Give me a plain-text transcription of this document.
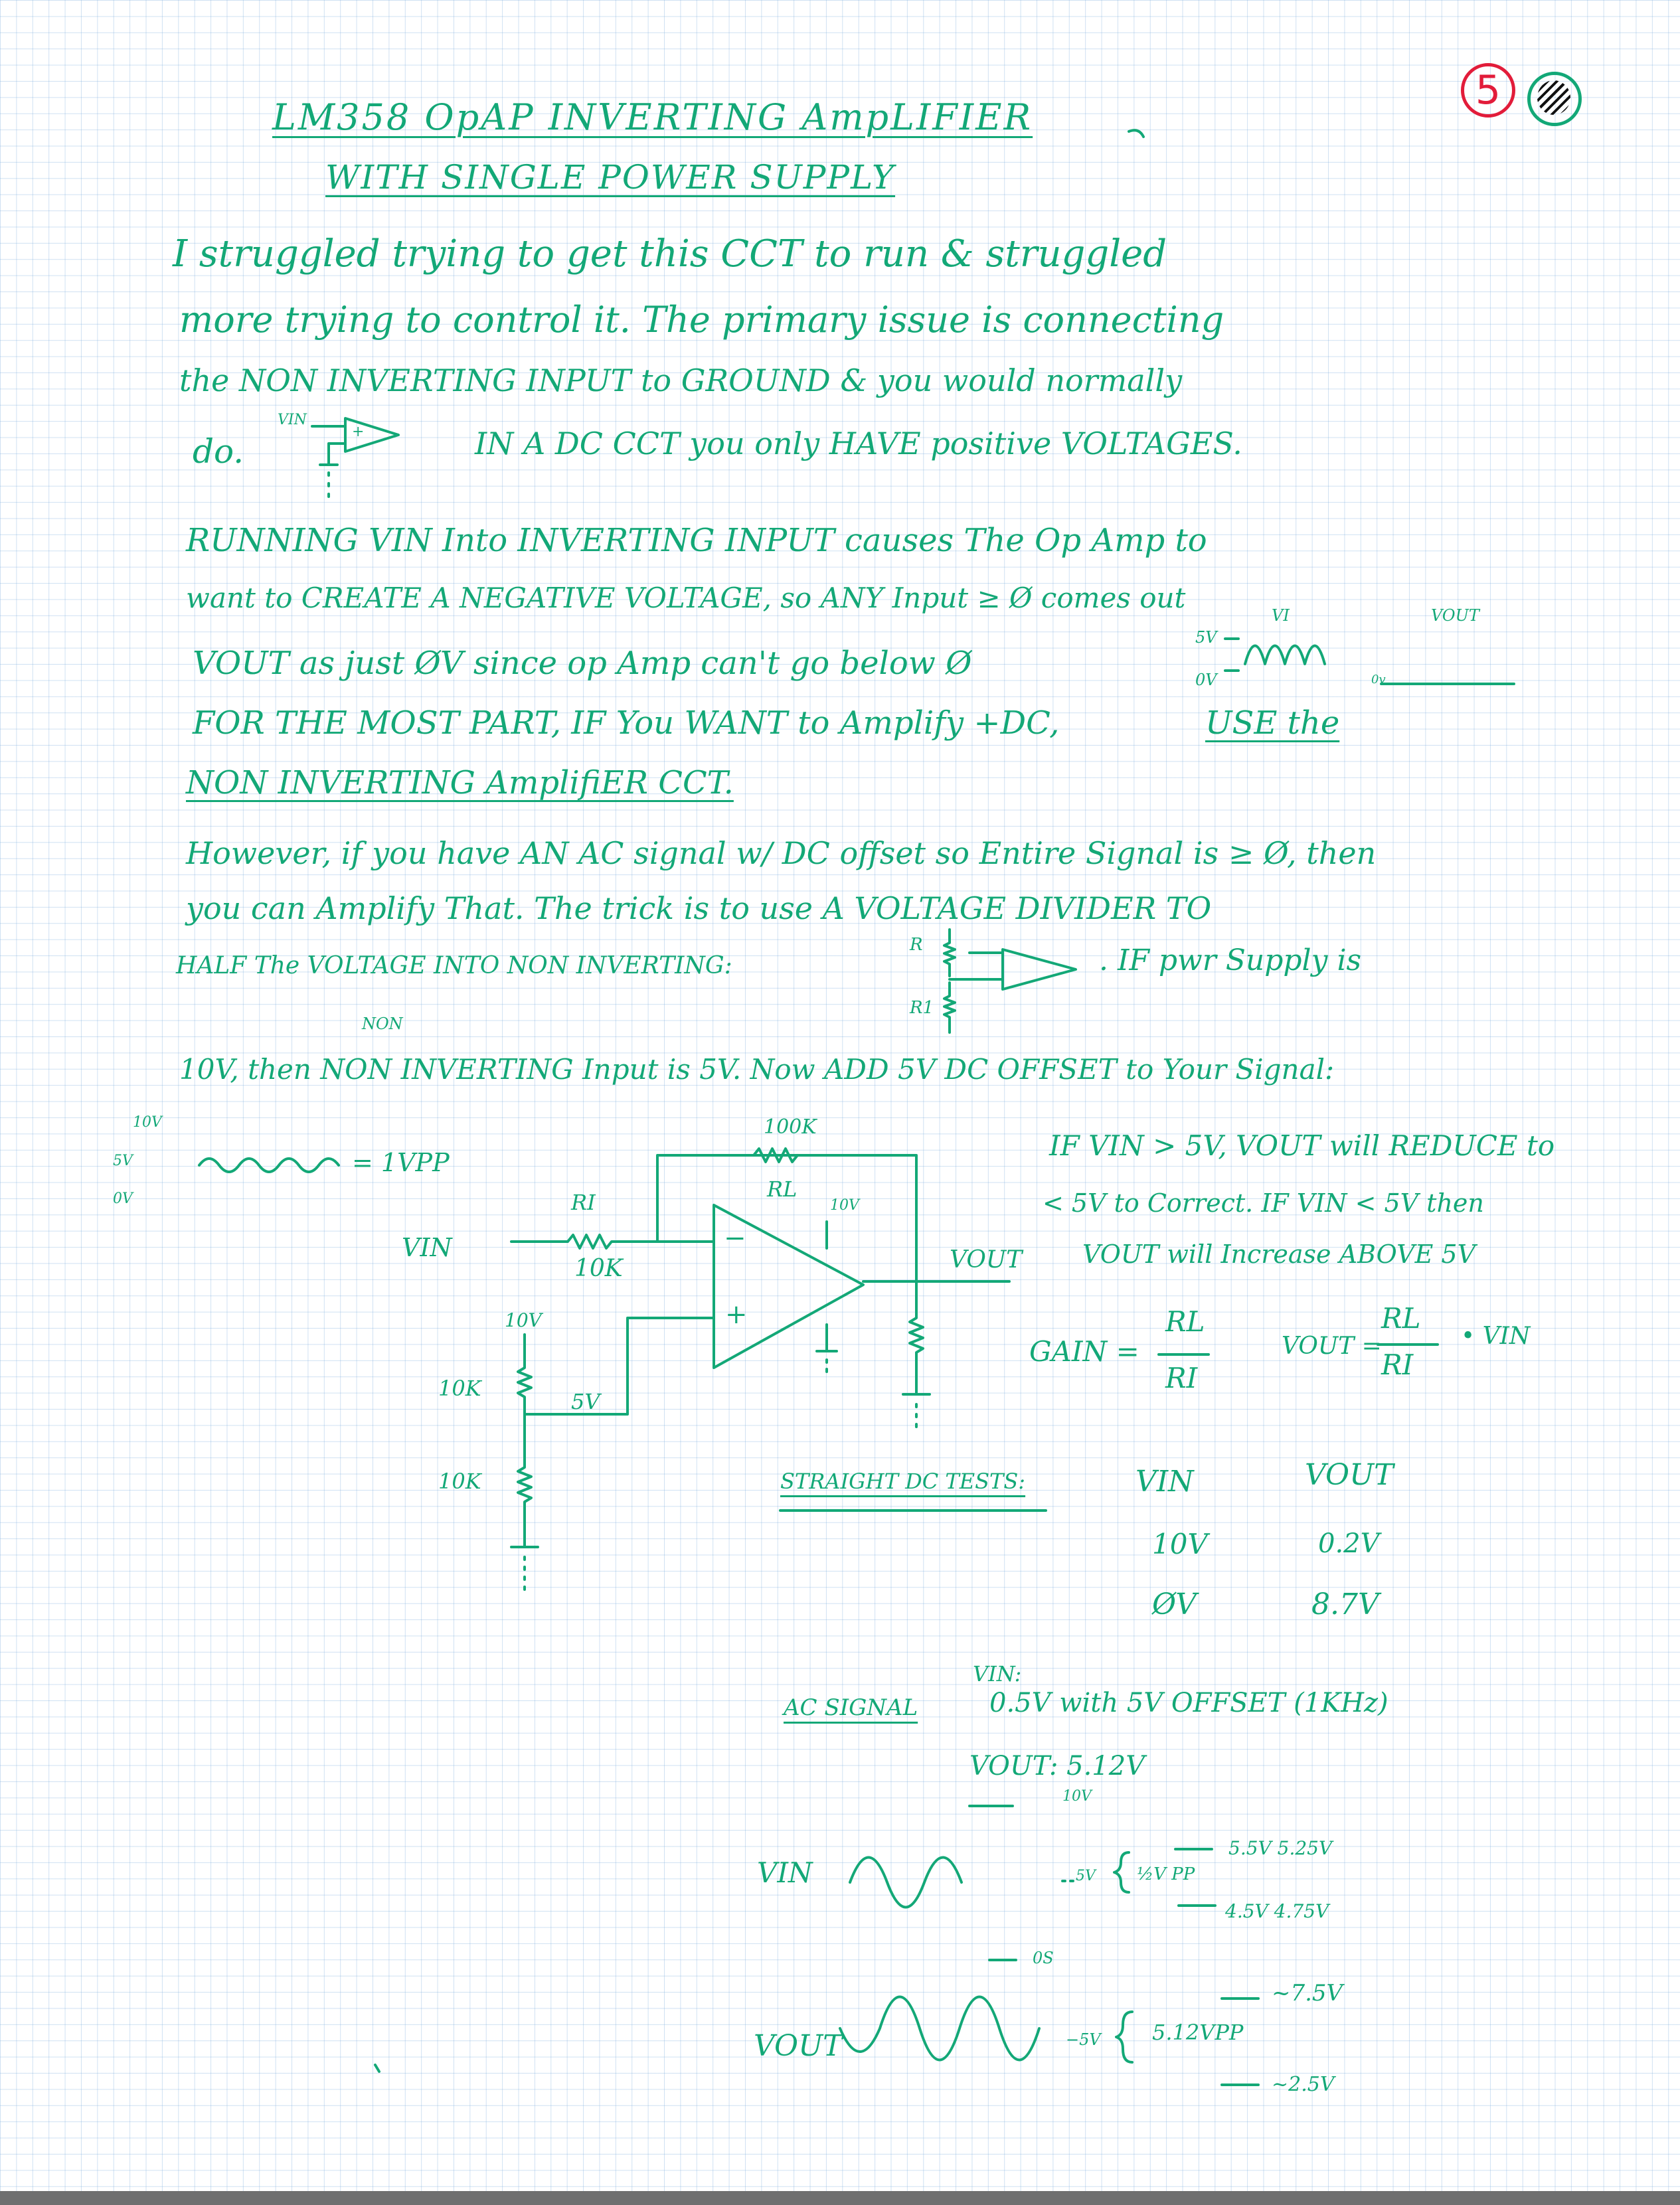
5

LM358 OpAP INVERTING AmpLIFIER

WITH SINGLE POWER SUPPLY

I struggled trying to get this CCT to run & struggled

more trying to control it. The primary issue is connecting

the NON INVERTING INPUT to GROUND & you would normally

do.	IN A DC CCT you only HAVE positive VOLTAGES.

VIN

+

RUNNING VIN Into INVERTING INPUT causes The Op Amp to

want to CREATE A NEGATIVE VOLTAGE, so ANY Input ≥ Ø comes out

VOUT as just ØV since op Amp can't go below Ø

FOR THE MOST PART, IF You WANT to Amplify +DC,	USE the

NON INVERTING AmplifiER CCT.

5V

0V

VI	VOUT

0v

However, if you have AN AC signal w/ DC offset so Entire Signal is ≥ Ø, then

you can Amplify That. The trick is to use A VOLTAGE DIVIDER TO

HALF The VOLTAGE INTO NON INVERTING:	. IF pwr Supply is

NON

10V, then NON INVERTING Input is 5V. Now ADD 5V DC OFFSET to Your Signal:

R

R1

10V

5V

0V

= 1VPP

100K

RL

RI

10K

VIN	VOUT

10V

−

+

10V

10K

10K

5V

IF VIN > 5V, VOUT will REDUCE to

< 5V to Correct. IF VIN < 5V then

VOUT will Increase ABOVE 5V

GAIN =

RL

RI

VOUT =

RL

RI

• VIN

STRAIGHT DC TESTS:	VIN	VOUT

10V	0.2V

ØV	8.7V

AC SIGNAL

VIN:

0.5V with 5V OFFSET (1KHz)

VOUT: 5.12V

10V

VIN	5V ½V PP

5.5V 5.25V

4.5V 4.75V

0S

VOUT	−5V 5.12VPP

~7.5V

~2.5V
